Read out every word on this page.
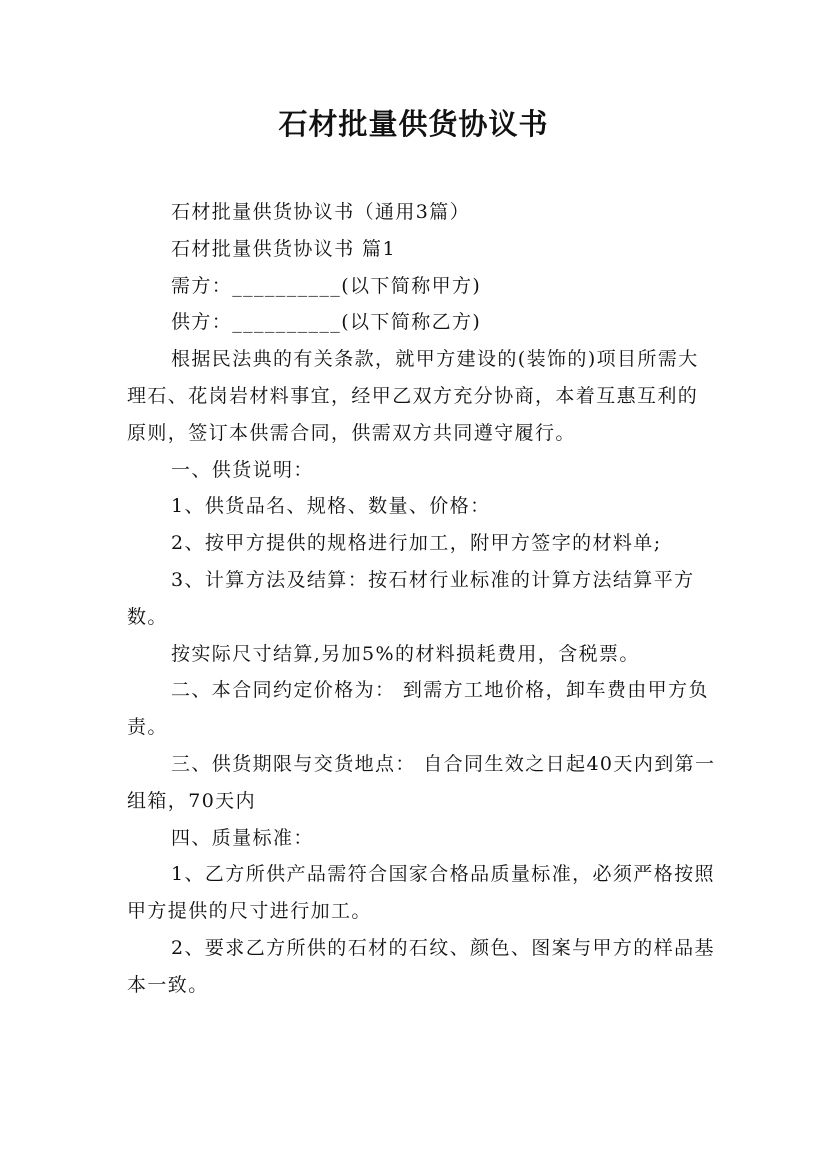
石材批量供货协议书

石材批量供货协议书（通用3篇）

石材批量供货协议书 篇1

需方：__________(以下简称甲方)

供方：__________(以下简称乙方)

根据民法典的有关条款，就甲方建设的(装饰的)项目所需大理石、花岗岩材料事宜，经甲乙双方充分协商，本着互惠互利的原则，签订本供需合同，供需双方共同遵守履行。

一、供货说明：

1、供货品名、规格、数量、价格：

2、按甲方提供的规格进行加工，附甲方签字的材料单;

3、计算方法及结算：按石材行业标准的计算方法结算平方数。

按实际尺寸结算,另加5%的材料损耗费用，含税票。

二、本合同约定价格为： 到需方工地价格，卸车费由甲方负责。

三、供货期限与交货地点： 自合同生效之日起40天内到第一组箱，70天内

四、质量标准：

1、乙方所供产品需符合国家合格品质量标准，必须严格按照甲方提供的尺寸进行加工。

2、要求乙方所供的石材的石纹、颜色、图案与甲方的样品基本一致。
